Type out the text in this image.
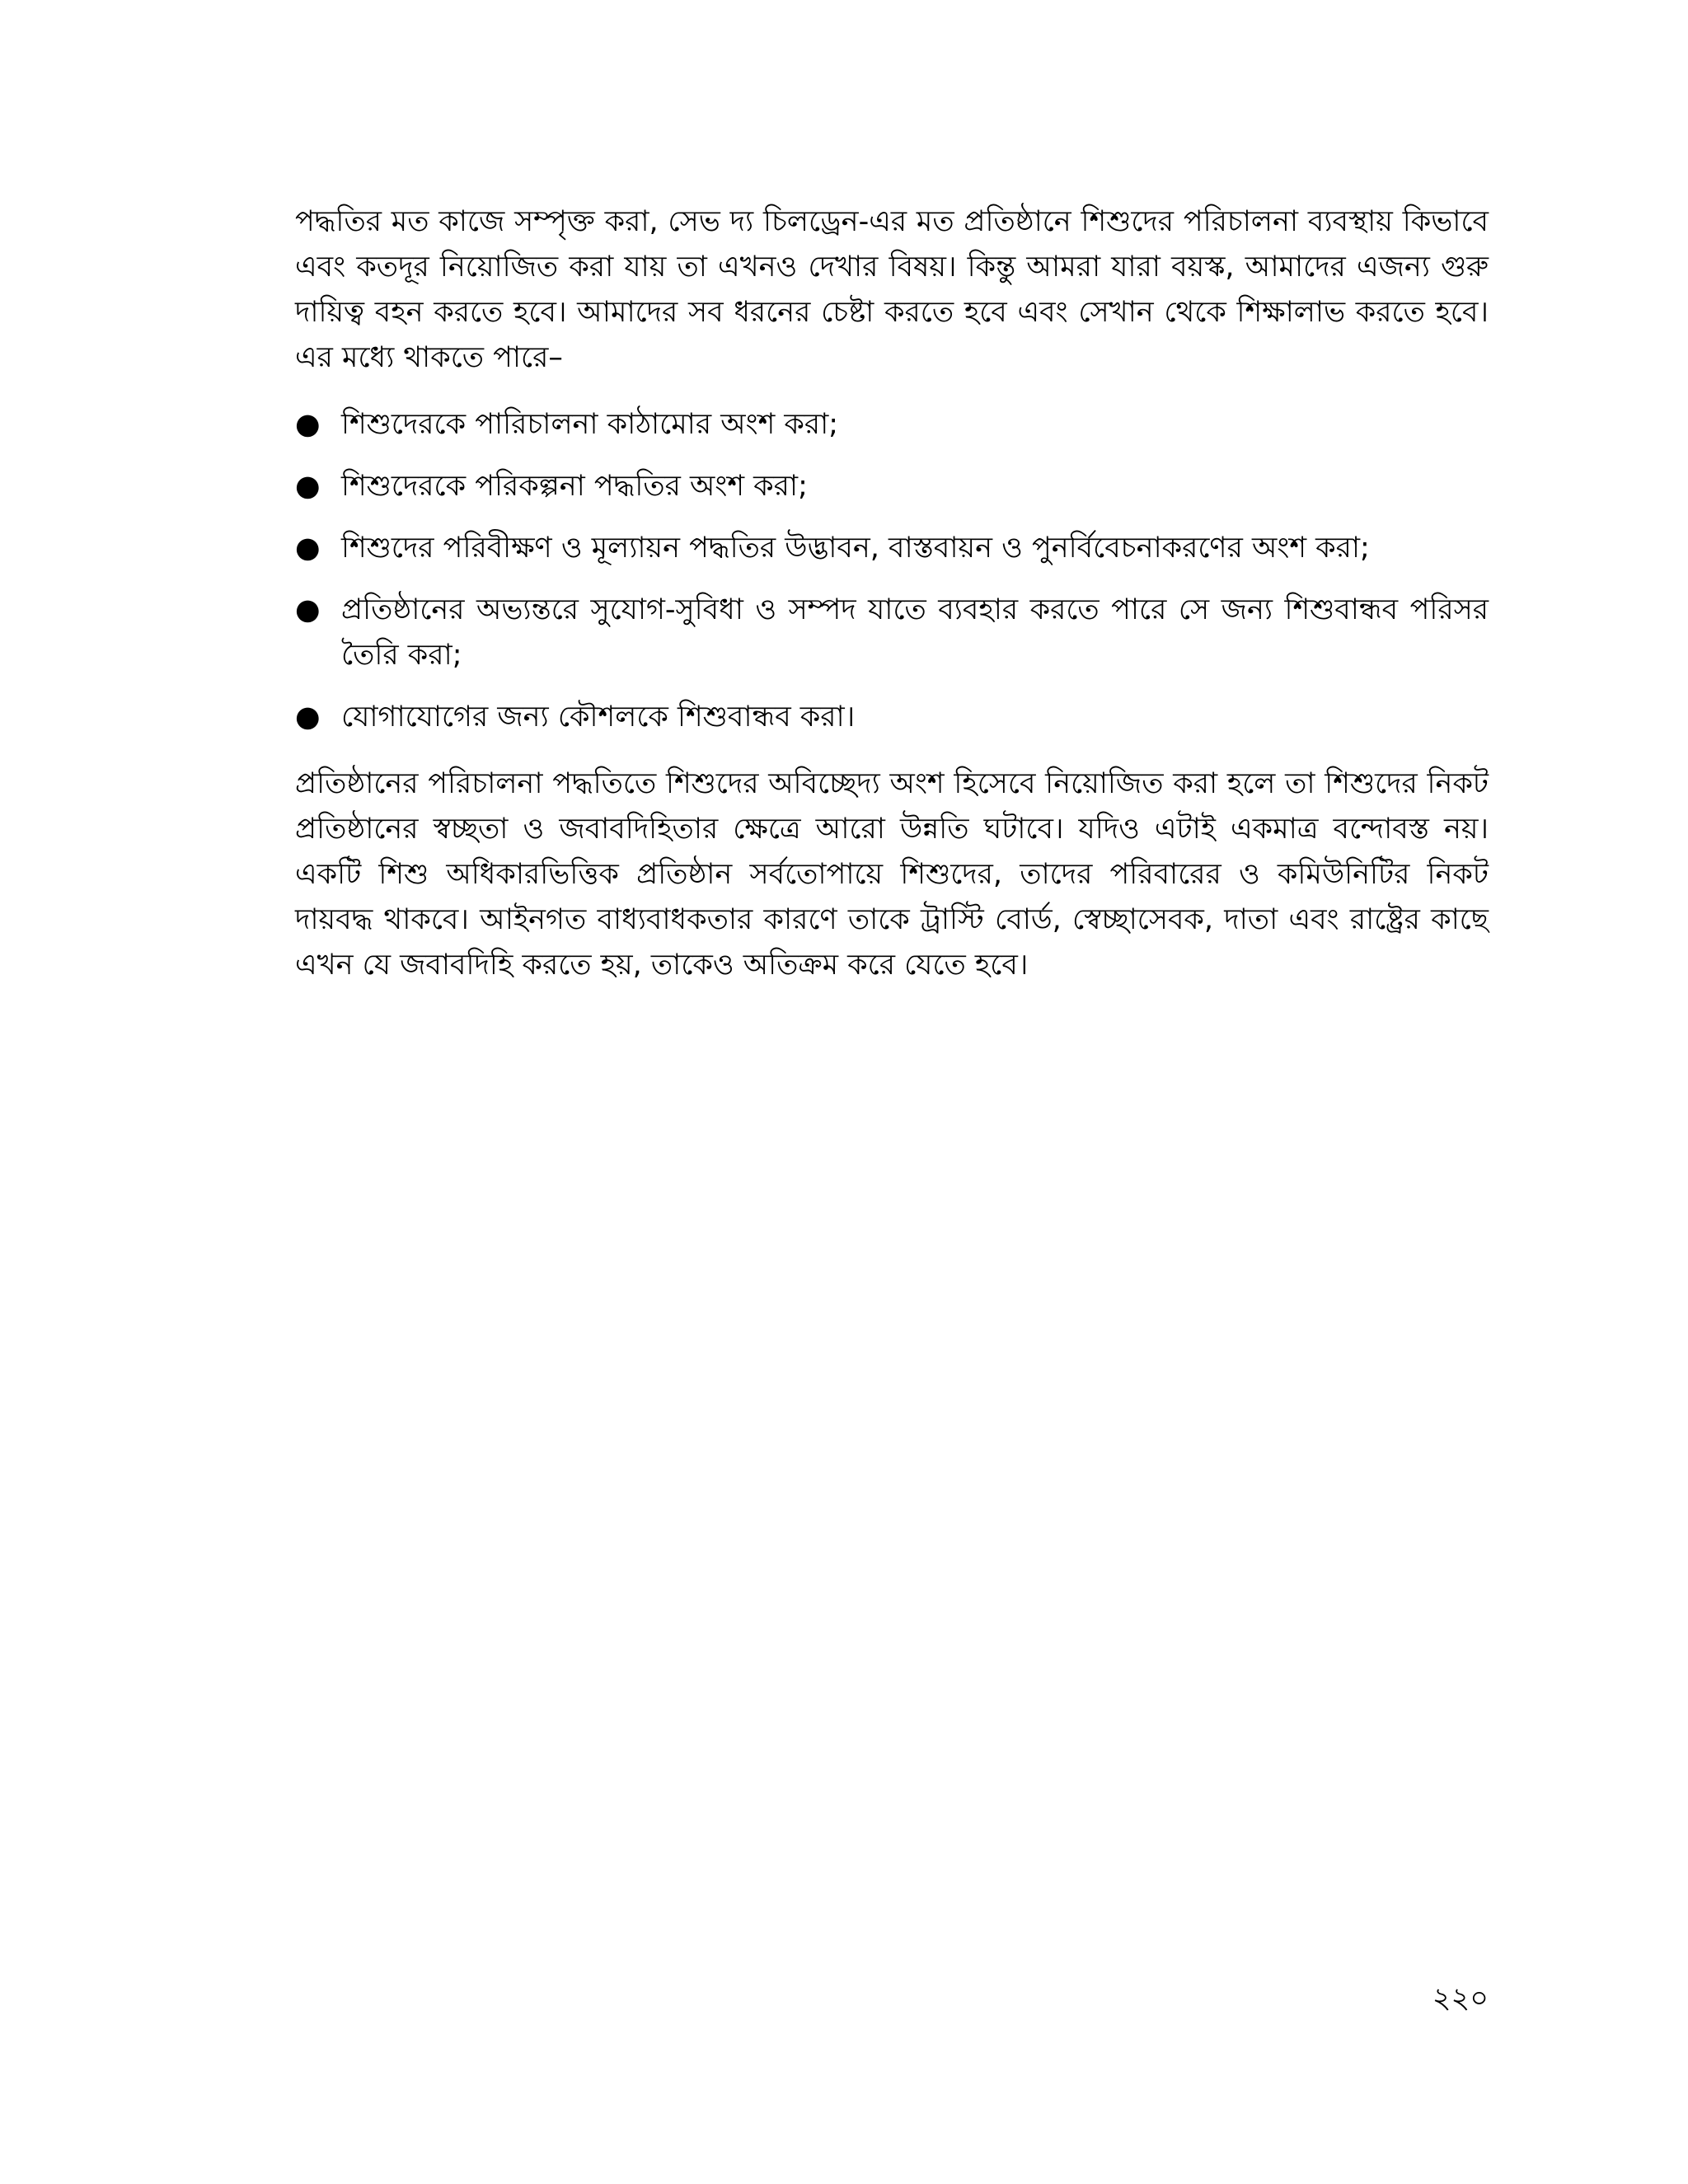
পদ্ধতির মত কাজে সম্পৃক্ত করা, সেভ দ্য চিলড্রেন-এর মত প্রতিষ্ঠানে শিশুদের পরিচালনা ব্যবস্থায় কিভাবে এবং কতদূর নিয়োজিত করা যায় তা এখনও দেখার বিষয়। কিন্তু আমরা যারা বয়স্ক, আমাদের এজন্য গুরু দায়িত্ব বহন করতে হবে। আমাদের সব ধরনের চেষ্টা করতে হবে এবং সেখান থেকে শিক্ষালাভ করতে হবে। এর মধ্যে থাকতে পারে–

● শিশুদেরকে পারিচালনা কাঠামোর অংশ করা;
● শিশুদেরকে পরিকল্পনা পদ্ধতির অংশ করা;
● শিশুদের পরিবীক্ষণ ও মূল্যায়ন পদ্ধতির উদ্ভাবন, বাস্তবায়ন ও পুনর্বিবেচনাকরণের অংশ করা;
● প্রতিষ্ঠানের অভ্যন্তরে সুযোগ-সুবিধা ও সম্পদ যাতে ব্যবহার করতে পারে সে জন্য শিশুবান্ধব পরিসর তৈরি করা;
● যোগাযোগের জন্য কৌশলকে শিশুবান্ধব করা।

প্রতিষ্ঠানের পরিচালনা পদ্ধতিতে শিশুদের অবিচ্ছেদ্য অংশ হিসেবে নিয়োজিত করা হলে তা শিশুদের নিকট প্রতিষ্ঠানের স্বচ্ছতা ও জবাবদিহিতার ক্ষেত্রে আরো উন্নতি ঘটাবে। যদিও এটাই একমাত্র বন্দোবস্ত নয়। একটি শিশু অধিকারভিত্তিক প্রতিষ্ঠান সর্বতোপায়ে শিশুদের, তাদের পরিবারের ও কমিউনিটির নিকট দায়বদ্ধ থাকবে। আইনগত বাধ্যবাধকতার কারণে তাকে ট্রাস্টি বোর্ড, স্বেচ্ছাসেবক, দাতা এবং রাষ্ট্রের কাছে এখন যে জবাবদিহি করতে হয়, তাকেও অতিক্রম করে যেতে হবে।

২২০
